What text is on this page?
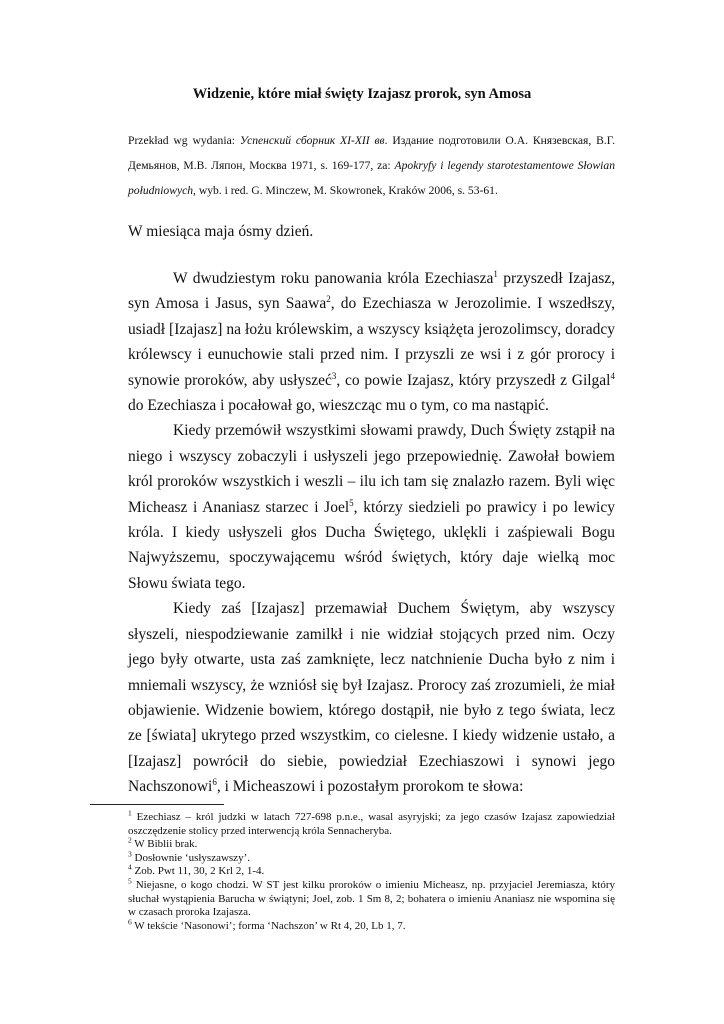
Widzenie, które miał święty Izajasz prorok, syn Amosa
Przekład wg wydania: Успенский сборник XI-XII вв. Издание подготовили О.А. Князевская, В.Г. Демьянов, М.В. Ляпон, Москва 1971, s. 169-177, za: Apokryfy i legendy starotestamentowe Słowian południowych, wyb. i red. G. Minczew, M. Skowronek, Kraków 2006, s. 53-61.
W miesiąca maja ósmy dzień.

W dwudziestym roku panowania króla Ezechiasza$^1$ przyszedł Izajasz, syn Amosa i Jasus, syn Saawa$^2$, do Ezechiasza w Jerozolimie. I wszedłszy, usiadł [Izajasz] na łożu królewskim, a wszyscy książęta jerozolimscy, doradcy królewscy i eunuchowie stali przed nim. I przyszli ze wsi i z gór prorocy i synowie proroków, aby usłyszeć$^3$, co powie Izajasz, który przyszedł z Gilgal$^4$ do Ezechiasza i pocałował go, wieszcząc mu o tym, co ma nastąpić.

Kiedy przemówił wszystkimi słowami prawdy, Duch Święty zstąpił na niego i wszyscy zobaczyli i usłyszeli jego przepowiednię. Zawołał bowiem król proroków wszystkich i weszli – ilu ich tam się znalazło razem. Byli więc Micheasz i Ananiasz starzec i Joel$^5$, którzy siedzieli po prawicy i po lewicy króla. I kiedy usłyszeli głos Ducha Świętego, uklękli i zaśpiewali Bogu Najwyższemu, spoczywającemu wśród świętych, który daje wielką moc Słowu świata tego.

Kiedy zaś [Izajasz] przemawiał Duchem Świętym, aby wszyscy słyszeli, niespodziewanie zamilkł i nie widział stojących przed nim. Oczy jego były otwarte, usta zaś zamknięte, lecz natchnienie Ducha było z nim i mniemali wszyscy, że wzniósł się był Izajasz. Prorocy zaś zrozumieli, że miał objawienie. Widzenie bowiem, którego dostąpił, nie było z tego świata, lecz ze [świata] ukrytego przed wszystkim, co cielesne. I kiedy widzenie ustało, a [Izajasz] powrócił do siebie, powiedział Ezechiaszowi i synowi jego Nachszonowi$^6$, i Micheaszowi i pozostałym prorokom te słowa:

$^1$ Ezechiasz – król judzki w latach 727-698 p.n.e., wasal asyryjski; za jego czasów Izajasz zapowiedział oszczędzenie stolicy przed interwencją króla Sennacheryba.

$^2$ W Biblii brak.

$^3$ Dosłownie ‘usłyszawszy’.

$^4$ Zob. Pwt 11, 30, 2 Krl 2, 1-4.

$^5$ Niejasne, o kogo chodzi. W ST jest kilku proroków o imieniu Micheasz, np. przyjaciel Jeremiasza, który słuchał wystąpienia Barucha w świątyni; Joel, zob. 1 Sm 8, 2; bohatera o imieniu Ananiasz nie wspomina się w czasach proroka Izajasza.

$^6$ W tekście ‘Nasonowi’; forma ‘Nachszon’ w Rt 4, 20, Lb 1, 7.
